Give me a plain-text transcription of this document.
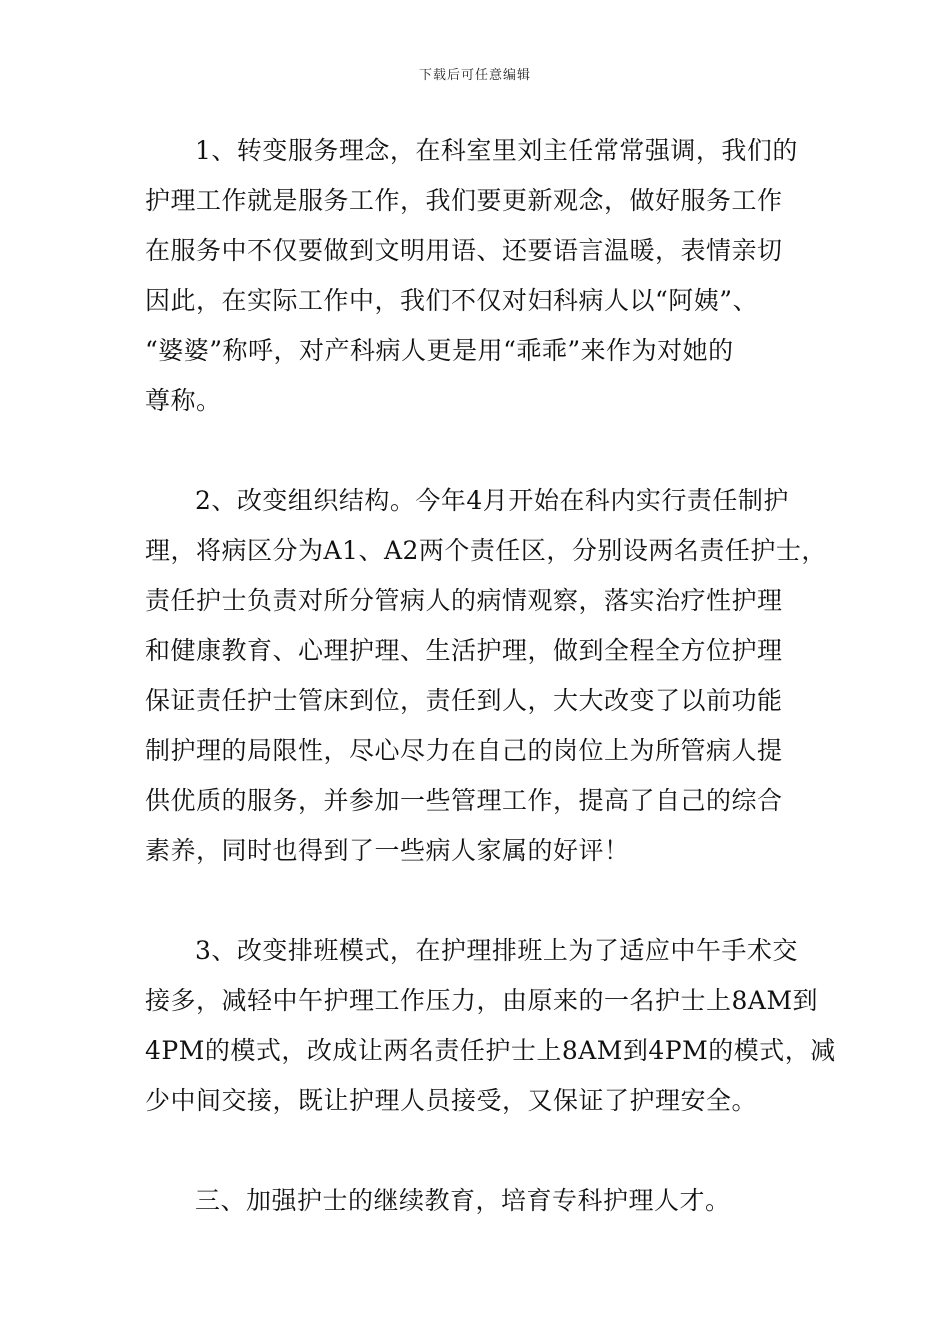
下载后可任意编辑
1、转变服务理念，在科室里刘主任常常强调，我们的
护理工作就是服务工作，我们要更新观念，做好服务工作
在服务中不仅要做到文明用语、还要语言温暖，表情亲切
因此，在实际工作中，我们不仅对妇科病人以“阿姨”、
“婆婆”称呼，对产科病人更是用“乖乖”来作为对她的
尊称。
2、改变组织结构。今年4月开始在科内实行责任制护
理，将病区分为A1、A2两个责任区，分别设两名责任护士，
责任护士负责对所分管病人的病情观察，落实治疗性护理
和健康教育、心理护理、生活护理，做到全程全方位护理
保证责任护士管床到位，责任到人，大大改变了以前功能
制护理的局限性，尽心尽力在自己的岗位上为所管病人提
供优质的服务，并参加一些管理工作，提高了自己的综合
素养，同时也得到了一些病人家属的好评！
3、改变排班模式，在护理排班上为了适应中午手术交
接多，减轻中午护理工作压力，由原来的一名护士上8AM到
4PM的模式，改成让两名责任护士上8AM到4PM的模式，减
少中间交接，既让护理人员接受，又保证了护理安全。
三、加强护士的继续教育，培育专科护理人才。
